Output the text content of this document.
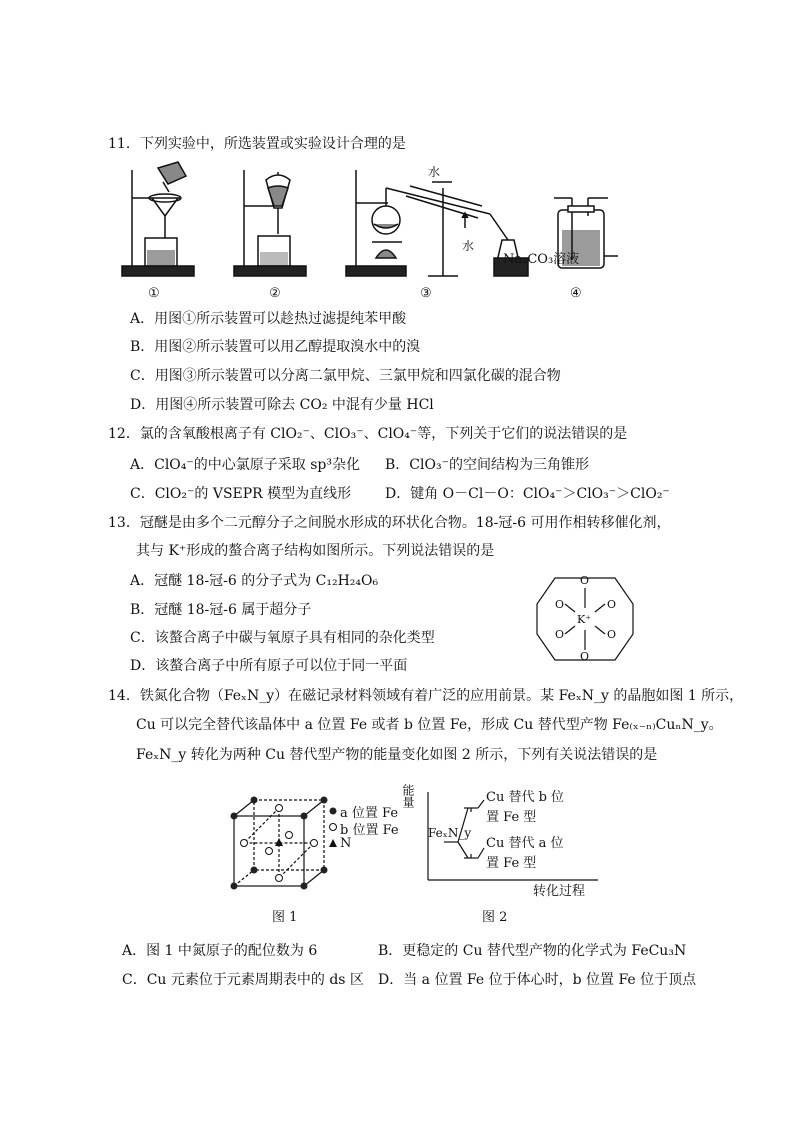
11．下列实验中，所选装置或实验设计合理的是
水
水
Na₂CO₃溶液
①	②	③	④
A．用图①所示装置可以趁热过滤提纯苯甲酸
B．用图②所示装置可以用乙醇提取溴水中的溴
C．用图③所示装置可以分离二氯甲烷、三氯甲烷和四氯化碳的混合物
D．用图④所示装置可除去 CO₂ 中混有少量 HCl
12．氯的含氧酸根离子有 ClO₂⁻、ClO₃⁻、ClO₄⁻等，下列关于它们的说法错误的是
A．ClO₄⁻的中心氯原子采取 sp³杂化 B．ClO₃⁻的空间结构为三角锥形
C．ClO₂⁻的 VSEPR 模型为直线形 D．键角 O－Cl－O：ClO₄⁻＞ClO₃⁻＞ClO₂⁻
13．冠醚是由多个二元醇分子之间脱水形成的环状化合物。18-冠-6 可用作相转移催化剂，
其与 K⁺形成的螯合离子结构如图所示。下列说法错误的是
A．冠醚 18-冠-6 的分子式为 C₁₂H₂₄O₆
B．冠醚 18-冠-6 属于超分子
C．该螯合离子中碳与氧原子具有相同的杂化类型
D．该螯合离子中所有原子可以位于同一平面
O
O	O
O	O
O
K⁺
14．铁氮化合物（FeₓN_y）在磁记录材料领域有着广泛的应用前景。某 FeₓN_y 的晶胞如图 1 所示，
Cu 可以完全替代该晶体中 a 位置 Fe 或者 b 位置 Fe，形成 Cu 替代型产物 Fe₍ₓ₋ₙ₎CuₙN_y。
FeₓN_y 转化为两种 Cu 替代型产物的能量变化如图 2 所示，下列有关说法错误的是
a 位置 Fe
b 位置 Fe
N
图 1
能量
FeₓN_y
Cu 替代 b 位
置 Fe 型
Cu 替代 a 位
置 Fe 型
转化过程
图 2
A．图 1 中氮原子的配位数为 6	B．更稳定的 Cu 替代型产物的化学式为 FeCu₃N
C．Cu 元素位于元素周期表中的 ds 区 D．当 a 位置 Fe 位于体心时，b 位置 Fe 位于顶点
